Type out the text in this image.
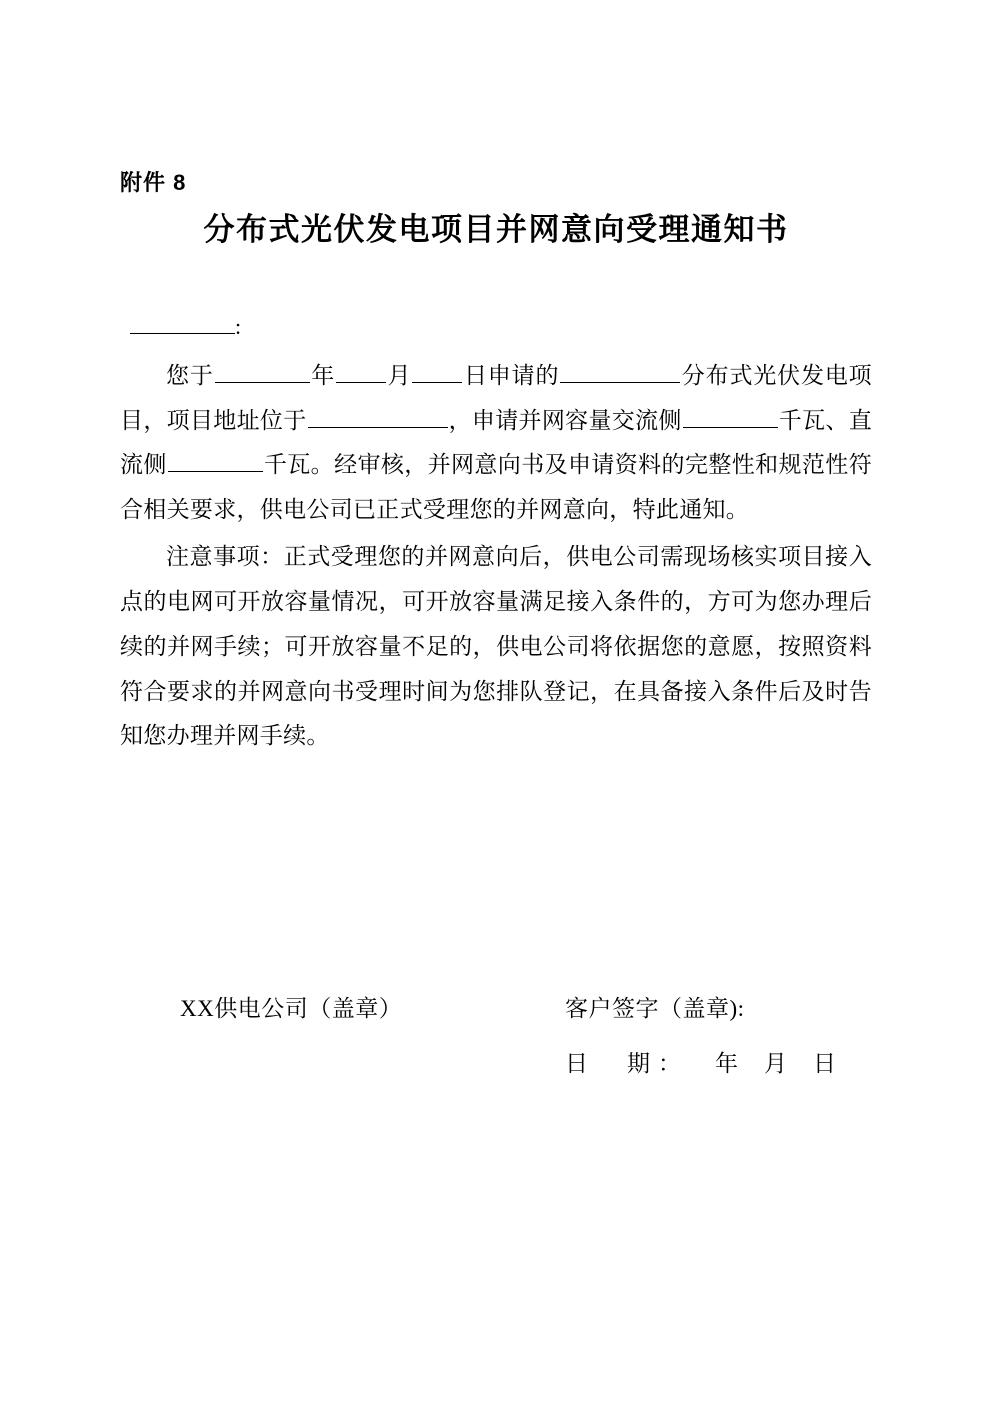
附件 8
分布式光伏发电项目并网意向受理通知书
:

您于	年 月 日申请的	分布式光伏发电项目，项目地址位于	，申请并网容量交流侧	千瓦、直流侧	千瓦。经审核，并网意向书及申请资料的完整性和规范性符合相关要求，供电公司已正式受理您的并网意向，特此通知。

注意事项：正式受理您的并网意向后，供电公司需现场核实项目接入点的电网可开放容量情况，可开放容量满足接入条件的，方可为您办理后续的并网手续；可开放容量不足的，供电公司将依据您的意愿，按照资料符合要求的并网意向书受理时间为您排队登记，在具备接入条件后及时告知您办理并网手续。

XX供电公司（盖章）	客户签字（盖章):
日　期： 年月日
